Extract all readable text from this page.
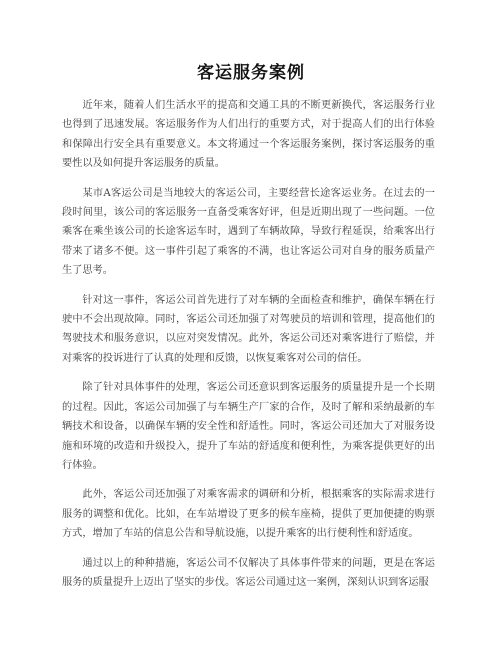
客运服务案例

近年来，随着人们生活水平的提高和交通工具的不断更新换代，客运服务行业也得到了迅速发展。客运服务作为人们出行的重要方式，对于提高人们的出行体验和保障出行安全具有重要意义。本文将通过一个客运服务案例，探讨客运服务的重要性以及如何提升客运服务的质量。

某市A客运公司是当地较大的客运公司，主要经营长途客运业务。在过去的一段时间里，该公司的客运服务一直备受乘客好评，但是近期出现了一些问题。一位乘客在乘坐该公司的长途客运车时，遇到了车辆故障，导致行程延误，给乘客出行带来了诸多不便。这一事件引起了乘客的不满，也让客运公司对自身的服务质量产生了思考。

针对这一事件，客运公司首先进行了对车辆的全面检查和维护，确保车辆在行驶中不会出现故障。同时，客运公司还加强了对驾驶员的培训和管理，提高他们的驾驶技术和服务意识，以应对突发情况。此外，客运公司还对乘客进行了赔偿，并对乘客的投诉进行了认真的处理和反馈，以恢复乘客对公司的信任。

除了针对具体事件的处理，客运公司还意识到客运服务的质量提升是一个长期的过程。因此，客运公司加强了与车辆生产厂家的合作，及时了解和采纳最新的车辆技术和设备，以确保车辆的安全性和舒适性。同时，客运公司还加大了对服务设施和环境的改造和升级投入，提升了车站的舒适度和便利性，为乘客提供更好的出行体验。

此外，客运公司还加强了对乘客需求的调研和分析，根据乘客的实际需求进行服务的调整和优化。比如，在车站增设了更多的候车座椅，提供了更加便捷的购票方式，增加了车站的信息公告和导航设施，以提升乘客的出行便利性和舒适度。

通过以上的种种措施，客运公司不仅解决了具体事件带来的问题，更是在客运服务的质量提升上迈出了坚实的步伐。客运公司通过这一案例，深刻认识到客运服
